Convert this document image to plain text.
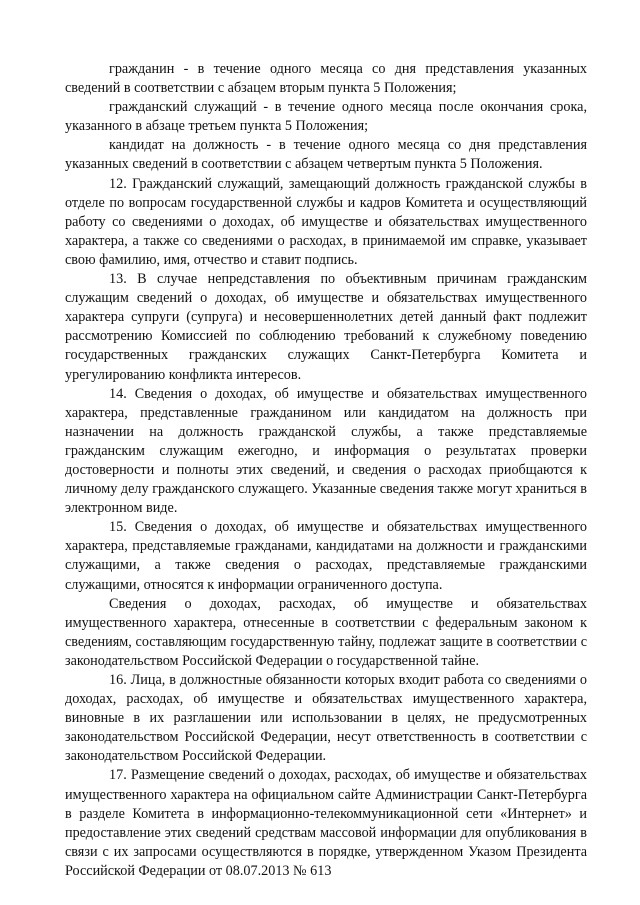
гражданин - в течение одного месяца со дня представления указанных сведений в соответствии с абзацем вторым пункта 5 Положения;

гражданский служащий - в течение одного месяца после окончания срока, указанного в абзаце третьем пункта 5 Положения;

кандидат на должность - в течение одного месяца со дня представления указанных сведений в соответствии с абзацем четвертым пункта 5 Положения.

12. Гражданский служащий, замещающий должность гражданской службы в отделе по вопросам государственной службы и кадров Комитета и осуществляющий работу со сведениями о доходах, об имуществе и обязательствах имущественного характера, а также со сведениями о расходах, в принимаемой им справке, указывает свою фамилию, имя, отчество и ставит подпись.

13. В случае непредставления по объективным причинам гражданским служащим сведений о доходах, об имуществе и обязательствах имущественного характера супруги (супруга) и несовершеннолетних детей данный факт подлежит рассмотрению Комиссией по соблюдению требований к служебному поведению государственных гражданских служащих Санкт-Петербурга Комитета и урегулированию конфликта интересов.

14. Сведения о доходах, об имуществе и обязательствах имущественного характера, представленные гражданином или кандидатом на должность при назначении на должность гражданской службы, а также представляемые гражданским служащим ежегодно, и информация о результатах проверки достоверности и полноты этих сведений, и сведения о расходах приобщаются к личному делу гражданского служащего. Указанные сведения также могут храниться в электронном виде.

15. Сведения о доходах, об имуществе и обязательствах имущественного характера, представляемые гражданами, кандидатами на должности и гражданскими служащими, а также сведения о расходах, представляемые гражданскими служащими, относятся к информации ограниченного доступа.

Сведения о доходах, расходах, об имуществе и обязательствах имущественного характера, отнесенные в соответствии с федеральным законом к сведениям, составляющим государственную тайну, подлежат защите в соответствии с законодательством Российской Федерации о государственной тайне.

16. Лица, в должностные обязанности которых входит работа со сведениями о доходах, расходах, об имуществе и обязательствах имущественного характера, виновные в их разглашении или использовании в целях, не предусмотренных законодательством Российской Федерации, несут ответственность в соответствии с законодательством Российской Федерации.

17. Размещение сведений о доходах, расходах, об имуществе и обязательствах имущественного характера на официальном сайте Администрации Санкт-Петербурга в разделе Комитета в информационно-телекоммуникационной сети «Интернет» и предоставление этих сведений средствам массовой информации для опубликования в связи с их запросами осуществляются в порядке, утвержденном Указом Президента Российской Федерации от 08.07.2013 № 613
